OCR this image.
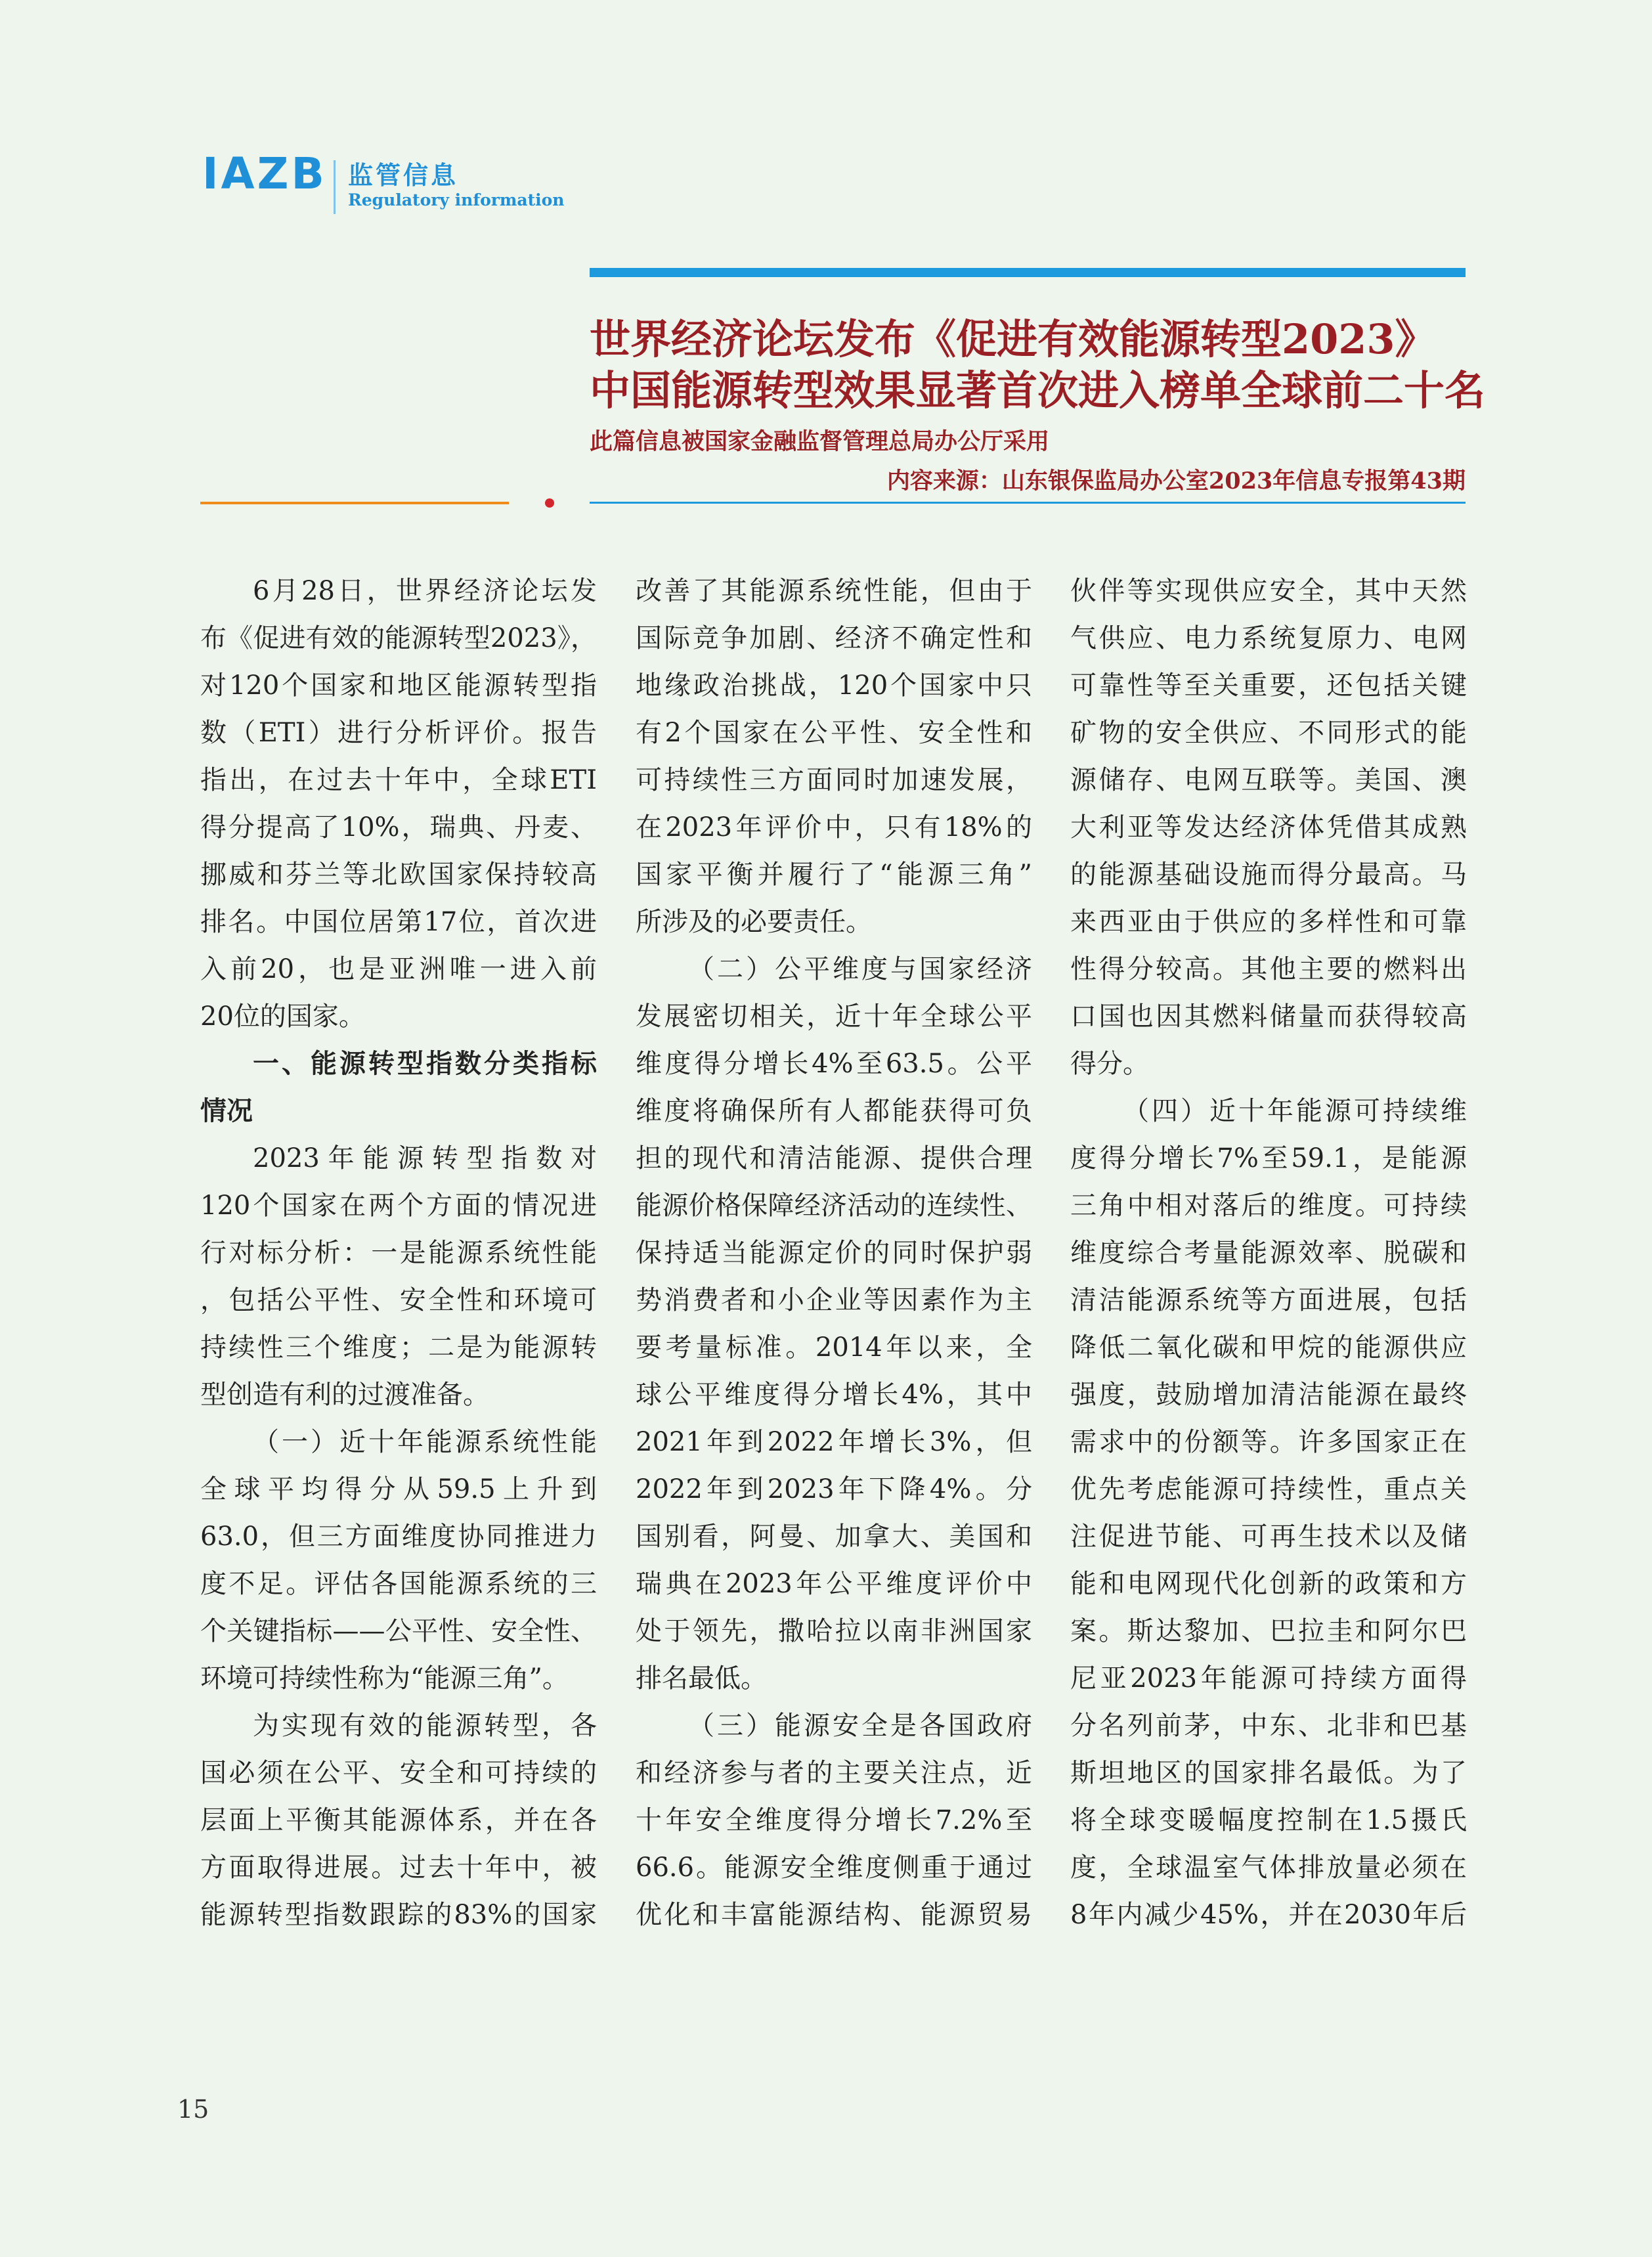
IAZB 监管信息
Regulatory information
世界经济论坛发布《促进有效能源转型2023》
中国能源转型效果显著首次进入榜单全球前二十名
此篇信息被国家金融监督管理总局办公厅采用
内容来源：山东银保监局办公室2023年信息专报第43期
6月28日，世界经济论坛发
布《促进有效的能源转型2023》，
对120个国家和地区能源转型指
数（ETI）进行分析评价。报告
指出，在过去十年中，全球ETI
得分提高了10%，瑞典、丹麦、
挪威和芬兰等北欧国家保持较高
排名。中国位居第17位，首次进
入前20，也是亚洲唯一进入前
20位的国家。
一、能源转型指数分类指标
情况
2023年能源转型指数对
120个国家在两个方面的情况进
行对标分析：一是能源系统性能
，包括公平性、安全性和环境可
持续性三个维度；二是为能源转
型创造有利的过渡准备。
（一）近十年能源系统性能
全球平均得分从59.5上升到
63.0，但三方面维度协同推进力
度不足。评估各国能源系统的三
个关键指标——公平性、安全性、
环境可持续性称为“能源三角”。
为实现有效的能源转型，各
国必须在公平、安全和可持续的
层面上平衡其能源体系，并在各
方面取得进展。过去十年中，被
能源转型指数跟踪的83%的国家
改善了其能源系统性能，但由于
国际竞争加剧、经济不确定性和
地缘政治挑战，120个国家中只
有2个国家在公平性、安全性和
可持续性三方面同时加速发展，
在2023年评价中，只有18%的
国家平衡并履行了“能源三角”
所涉及的必要责任。
（二）公平维度与国家经济
发展密切相关，近十年全球公平
维度得分增长4%至63.5。公平
维度将确保所有人都能获得可负
担的现代和清洁能源、提供合理
能源价格保障经济活动的连续性、
保持适当能源定价的同时保护弱
势消费者和小企业等因素作为主
要考量标准。2014年以来，全
球公平维度得分增长4%，其中
2021年到2022年增长3%，但
2022年到2023年下降4%。分
国别看，阿曼、加拿大、美国和
瑞典在2023年公平维度评价中
处于领先，撒哈拉以南非洲国家
排名最低。
（三）能源安全是各国政府
和经济参与者的主要关注点，近
十年安全维度得分增长7.2%至
66.6。能源安全维度侧重于通过
优化和丰富能源结构、能源贸易
伙伴等实现供应安全，其中天然
气供应、电力系统复原力、电网
可靠性等至关重要，还包括关键
矿物的安全供应、不同形式的能
源储存、电网互联等。美国、澳
大利亚等发达经济体凭借其成熟
的能源基础设施而得分最高。马
来西亚由于供应的多样性和可靠
性得分较高。其他主要的燃料出
口国也因其燃料储量而获得较高
得分。
（四）近十年能源可持续维
度得分增长7%至59.1，是能源
三角中相对落后的维度。可持续
维度综合考量能源效率、脱碳和
清洁能源系统等方面进展，包括
降低二氧化碳和甲烷的能源供应
强度，鼓励增加清洁能源在最终
需求中的份额等。许多国家正在
优先考虑能源可持续性，重点关
注促进节能、可再生技术以及储
能和电网现代化创新的政策和方
案。斯达黎加、巴拉圭和阿尔巴
尼亚2023年能源可持续方面得
分名列前茅，中东、北非和巴基
斯坦地区的国家排名最低。为了
将全球变暖幅度控制在1.5摄氏
度，全球温室气体排放量必须在
8年内减少45%，并在2030年后
15
